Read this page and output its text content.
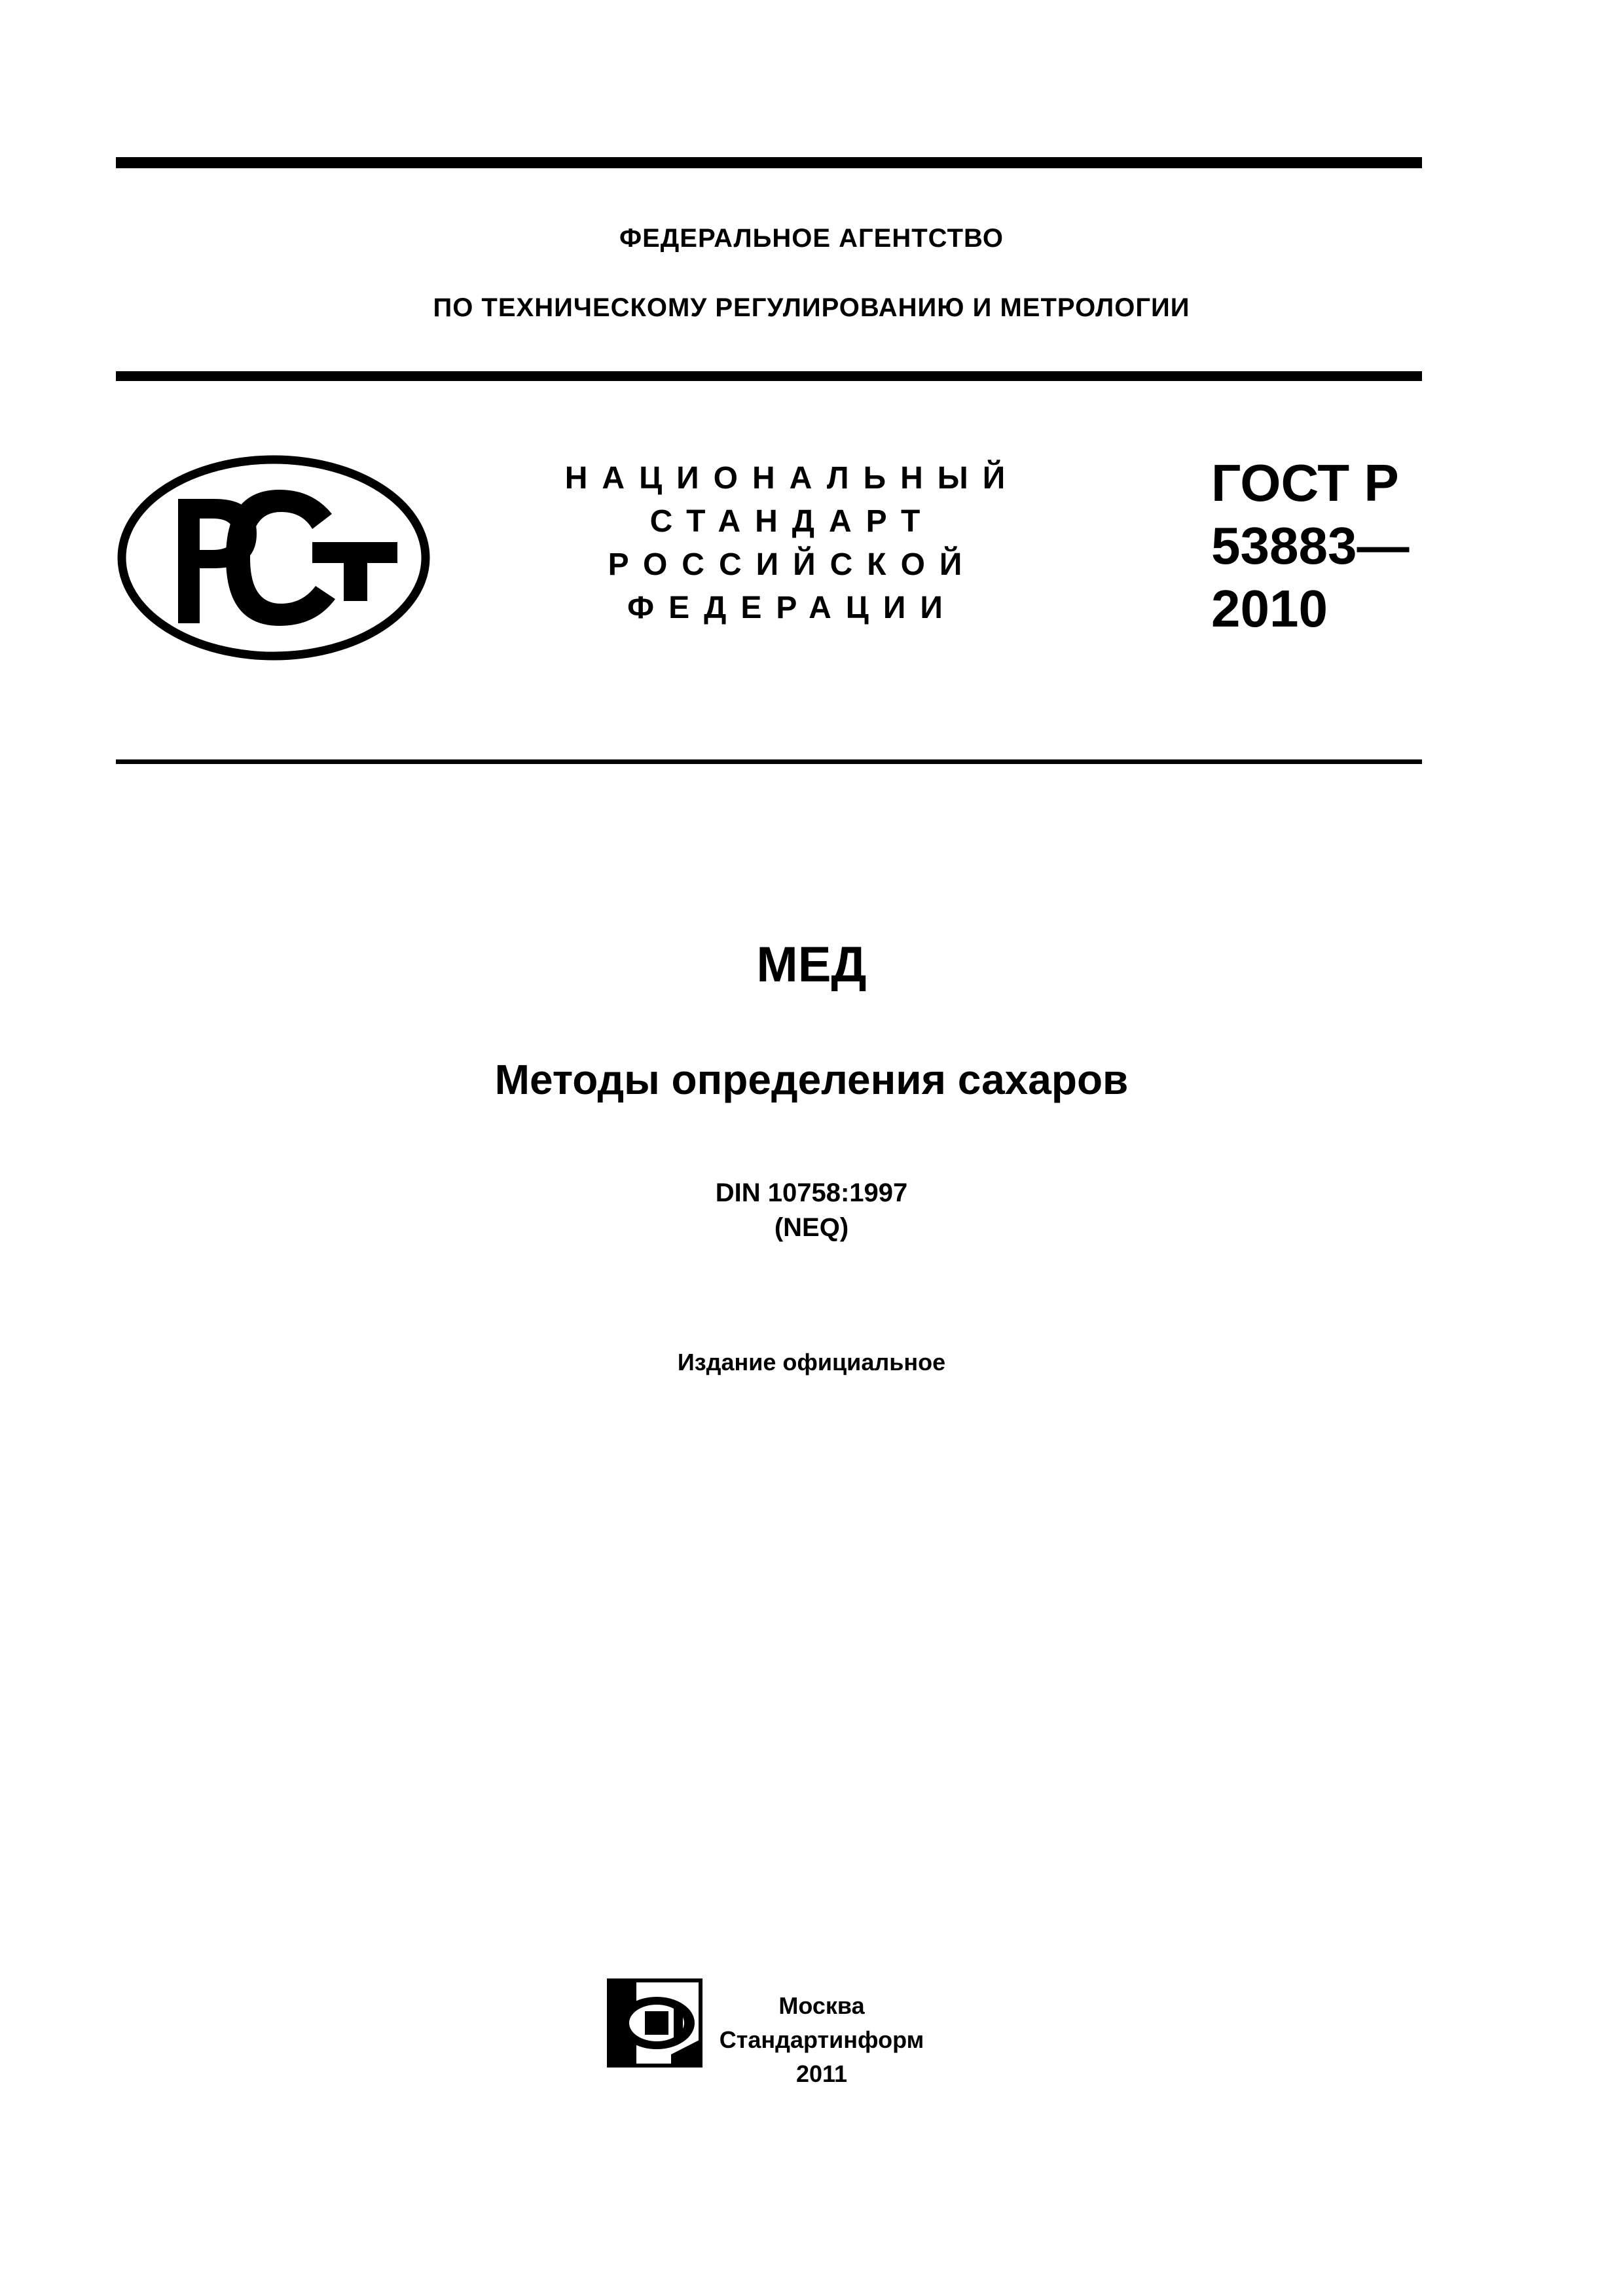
ФЕДЕРАЛЬНОЕ АГЕНТСТВО
ПО ТЕХНИЧЕСКОМУ РЕГУЛИРОВАНИЮ И МЕТРОЛОГИИ
НАЦИОНАЛЬНЫЙ
СТАНДАРТ
РОССИЙСКОЙ
ФЕДЕРАЦИИ
ГОСТ Р
53883—
2010
МЕД
Методы определения сахаров
DIN 10758:1997
(NEQ)
Издание официальное
Москва
Стандартинформ
2011
